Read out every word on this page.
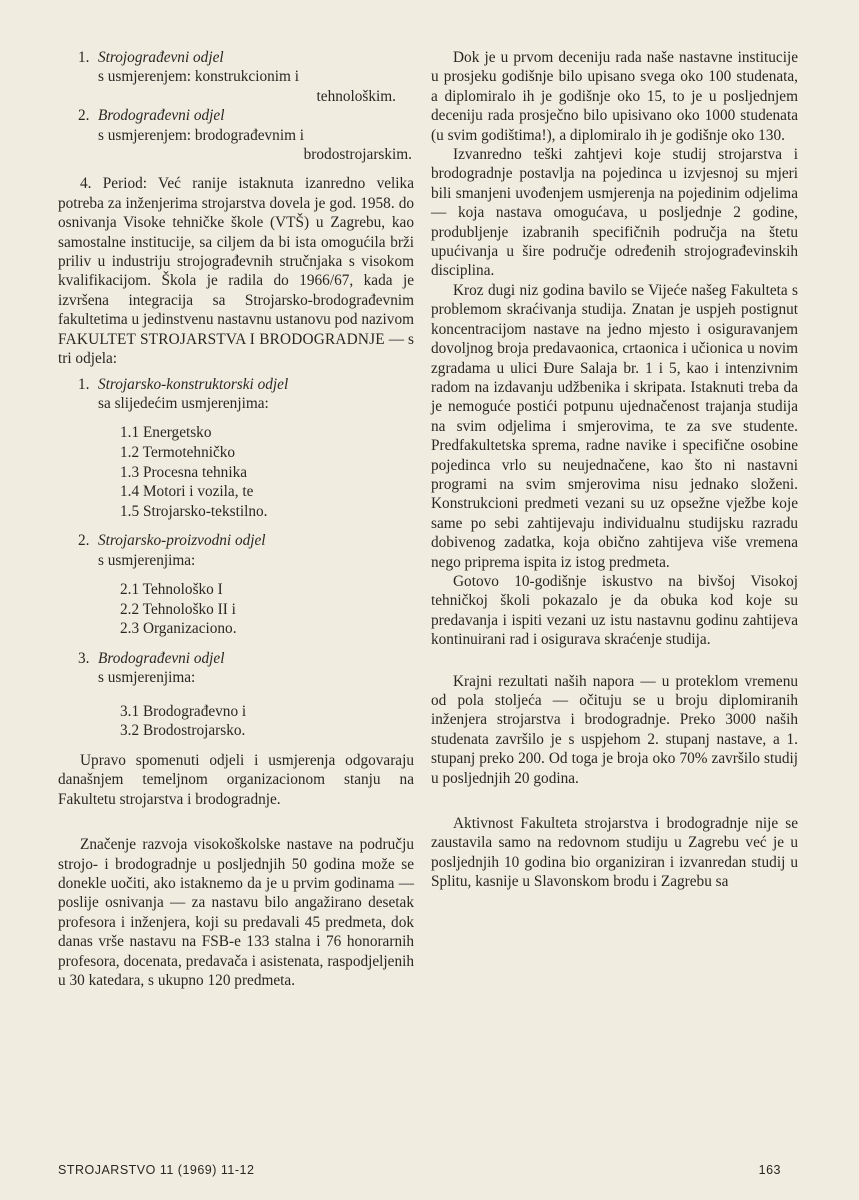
1. Strojograđevni odjel
s usmjerenjem: konstrukcionim i
tehnološkim.
2. Brodograđevni odjel
s usmjerenjem: brodograđevnim i
brodostrojarskim.

4. Period: Već ranije istaknuta izanredno velika potreba za inženjerima strojarstva dovela je god. 1958. do osnivanja Visoke tehničke škole (VTŠ) u Zagrebu, kao samostalne institucije, sa ciljem da bi ista omogućila brži priliv u industriju strojograđevnih stručnjaka s visokom kvalifikacijom. Škola je radila do 1966/67, kada je izvršena integracija sa Strojarsko-brodograđevnim fakultetima u jedinstvenu nastavnu ustanovu pod nazivom FAKULTET STROJARSTVA I BRODOGRADNJE — s tri odjela:

1. Strojarsko-konstruktorski odjel
sa slijedećim usmjerenjima:
1.1 Energetsko
1.2 Termotehničko
1.3 Procesna tehnika
1.4 Motori i vozila, te
1.5 Strojarsko-tekstilno.
2. Strojarsko-proizvodni odjel
s usmjerenjima:
2.1 Tehnološko I
2.2 Tehnološko II i
2.3 Organizaciono.
3. Brodograđevni odjel
s usmjerenjima:
3.1 Brodograđevno i
3.2 Brodostrojarsko.

Upravo spomenuti odjeli i usmjerenja odgovaraju današnjem temeljnom organizacionom stanju na Fakultetu strojarstva i brodogradnje.

Značenje razvoja visokoškolske nastave na području strojo- i brodogradnje u posljednjih 50 godina može se donekle uočiti, ako istaknemo da je u prvim godinama — poslije osnivanja — za nastavu bilo angažirano desetak profesora i inženjera, koji su predavali 45 predmeta, dok danas vrše nastavu na FSB-e 133 stalna i 76 honorarnih profesora, docenata, predavača i asistenata, raspodjeljenih u 30 katedara, s ukupno 120 predmeta.

Dok je u prvom deceniju rada naše nastavne institucije u prosjeku godišnje bilo upisano svega oko 100 studenata, a diplomiralo ih je godišnje oko 15, to je u posljednjem deceniju rada prosječno bilo upisivano oko 1000 studenata (u svim godištima!), a diplomiralo ih je godišnje oko 130.

Izvanredno teški zahtjevi koje studij strojarstva i brodogradnje postavlja na pojedinca u izvjesnoj su mjeri bili smanjeni uvođenjem usmjerenja na pojedinim odjelima — koja nastava omogućava, u posljednje 2 godine, produbljenje izabranih specifičnih područja na štetu upućivanja u šire područje određenih strojograđevinskih disciplina.

Kroz dugi niz godina bavilo se Vijeće našeg Fakulteta s problemom skraćivanja studija. Znatan je uspjeh postignut koncentracijom nastave na jedno mjesto i osiguravanjem dovoljnog broja predavaonica, crtaonica i učionica u novim zgradama u ulici Đure Salaja br. 1 i 5, kao i intenzivnim radom na izdavanju udžbenika i skripata. Istaknuti treba da je nemoguće postići potpunu ujednačenost trajanja studija na svim odjelima i smjerovima, te za sve studente. Predfakultetska sprema, radne navike i specifične osobine pojedinca vrlo su neujednačene, kao što ni nastavni programi na svim smjerovima nisu jednako složeni. Konstrukcioni predmeti vezani su uz opsežne vježbe koje same po sebi zahtijevaju individualnu studijsku razradu dobivenog zadatka, koja obično zahtijeva više vremena nego priprema ispita iz istog predmeta.

Gotovo 10-godišnje iskustvo na bivšoj Visokoj tehničkoj školi pokazalo je da obuka kod koje su predavanja i ispiti vezani uz istu nastavnu godinu zahtijeva kontinuirani rad i osigurava skraćenje studija.

Krajni rezultati naših napora — u proteklom vremenu od pola stoljeća — očituju se u broju diplomiranih inženjera strojarstva i brodogradnje. Preko 3000 naših studenata završilo je s uspjehom 2. stupanj nastave, a 1. stupanj preko 200. Od toga je broja oko 70% završilo studij u posljednjih 20 godina.

Aktivnost Fakulteta strojarstva i brodogradnje nije se zaustavila samo na redovnom studiju u Zagrebu već je u posljednjih 10 godina bio organiziran i izvanredan studij u Splitu, kasnije u Slavonskom brodu i Zagrebu sa

STROJARSTVO 11 (1969) 11-12	163
